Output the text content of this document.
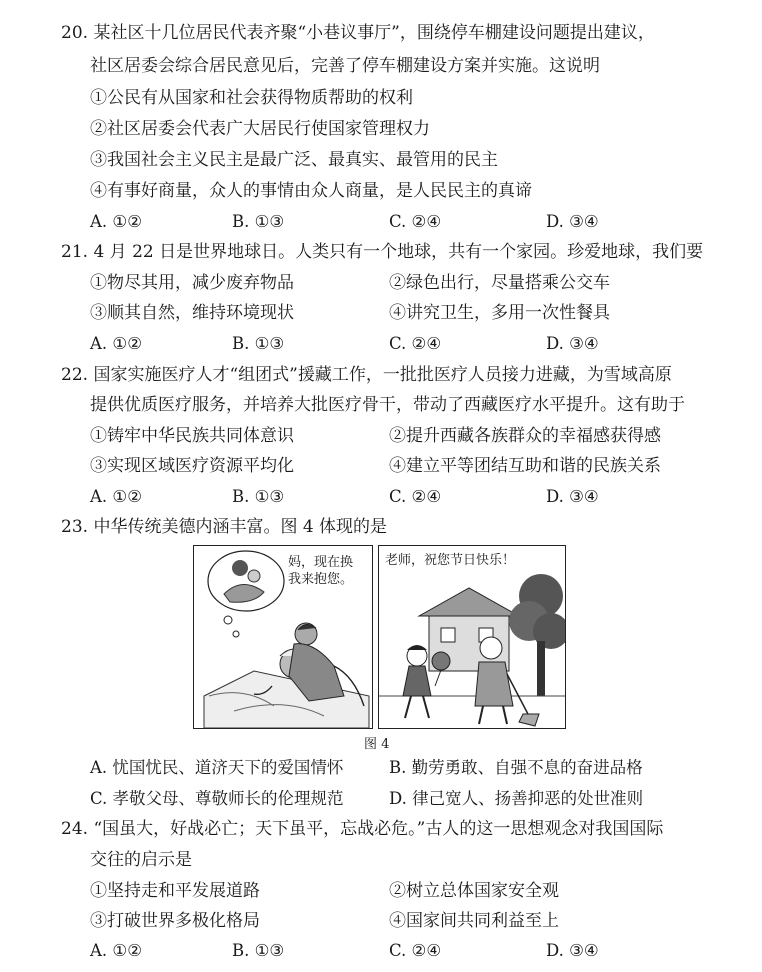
20. 某社区十几位居民代表齐聚“小巷议事厅”，围绕停车棚建设问题提出建议，
社区居委会综合居民意见后，完善了停车棚建设方案并实施。这说明
①公民有从国家和社会获得物质帮助的权利
②社区居委会代表广大居民行使国家管理权力
③我国社会主义民主是最广泛、最真实、最管用的民主
④有事好商量，众人的事情由众人商量，是人民民主的真谛
A. ①②	B. ①③	C. ②④	D. ③④
21. 4 月 22 日是世界地球日。人类只有一个地球，共有一个家园。珍爱地球，我们要
①物尽其用，减少废弃物品	②绿色出行，尽量搭乘公交车
③顺其自然，维持环境现状	④讲究卫生，多用一次性餐具
A. ①②	B. ①③	C. ②④	D. ③④
22. 国家实施医疗人才“组团式”援藏工作，一批批医疗人员接力进藏，为雪域高原
提供优质医疗服务，并培养大批医疗骨干，带动了西藏医疗水平提升。这有助于
①铸牢中华民族共同体意识	②提升西藏各族群众的幸福感获得感
③实现区域医疗资源平均化	④建立平等团结互助和谐的民族关系
A. ①②	B. ①③	C. ②④	D. ③④
23. 中华传统美德内涵丰富。图 4 体现的是
妈，现在换
我来抱您。
老师，祝您节日快乐！
图 4
A. 忧国忧民、道济天下的爱国情怀	B. 勤劳勇敢、自强不息的奋进品格
C. 孝敬父母、尊敬师长的伦理规范	D. 律己宽人、扬善抑恶的处世准则
24. “国虽大，好战必亡；天下虽平，忘战必危。”古人的这一思想观念对我国国际
交往的启示是
①坚持走和平发展道路	②树立总体国家安全观
③打破世界多极化格局	④国家间共同利益至上
A. ①②	B. ①③	C. ②④	D. ③④
